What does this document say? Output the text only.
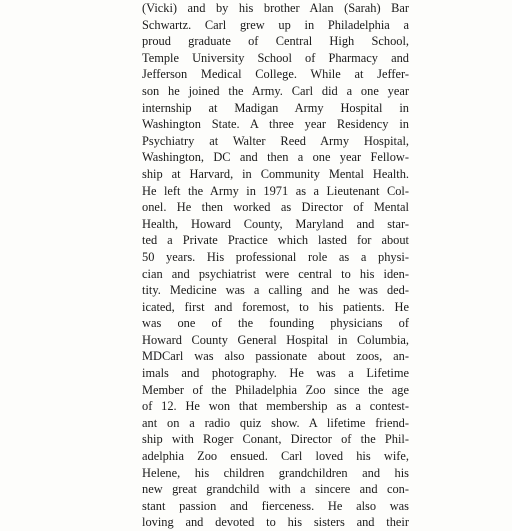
(Vicki) and by his brother Alan (Sarah) Bar
Schwartz. Carl grew up in Philadelphia a
proud graduate of Central High School,
Temple University School of Pharmacy and
Jefferson Medical College. While at Jeffer-
son he joined the Army. Carl did a one year
internship at Madigan Army Hospital in
Washington State. A three year Residency in
Psychiatry at Walter Reed Army Hospital,
Washington, DC and then a one year Fellow-
ship at Harvard, in Community Mental Health.
He left the Army in 1971 as a Lieutenant Col-
onel. He then worked as Director of Mental
Health, Howard County, Maryland and star-
ted a Private Practice which lasted for about
50 years. His professional role as a physi-
cian and psychiatrist were central to his iden-
tity. Medicine was a calling and he was ded-
icated, first and foremost, to his patients. He
was one of the founding physicians of
Howard County General Hospital in Columbia,
MDCarl was also passionate about zoos, an-
imals and photography. He was a Lifetime
Member of the Philadelphia Zoo since the age
of 12. He won that membership as a contest-
ant on a radio quiz show. A lifetime friend-
ship with Roger Conant, Director of the Phil-
adelphia Zoo ensued. Carl loved his wife,
Helene, his children grandchildren and his
new great grandchild with a sincere and con-
stant passion and fierceness. He also was
loving and devoted to his sisters and their
